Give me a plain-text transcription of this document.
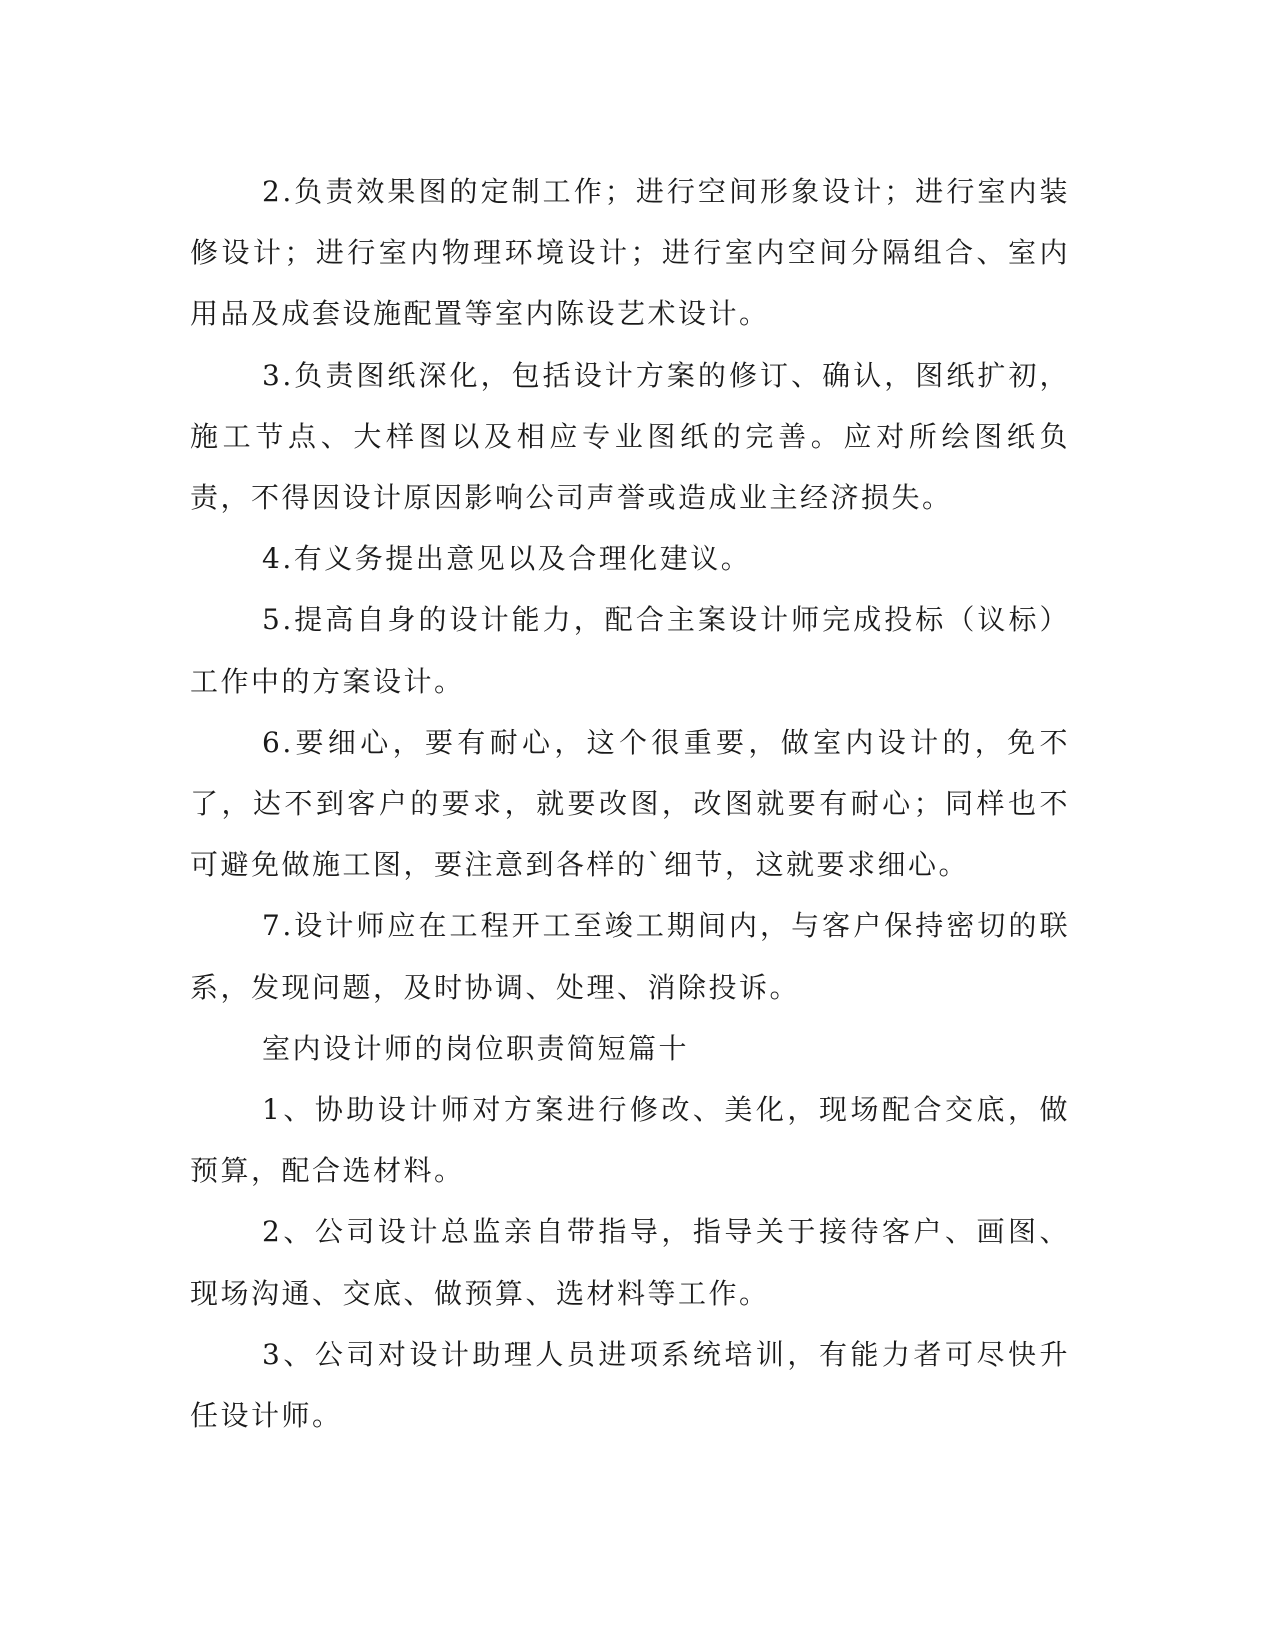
2.负责效果图的定制工作；进行空间形象设计；进行室内装修设计；进行室内物理环境设计；进行室内空间分隔组合、室内用品及成套设施配置等室内陈设艺术设计。

3.负责图纸深化，包括设计方案的修订、确认，图纸扩初，施工节点、大样图以及相应专业图纸的完善。应对所绘图纸负责，不得因设计原因影响公司声誉或造成业主经济损失。

4.有义务提出意见以及合理化建议。

5.提高自身的设计能力，配合主案设计师完成投标（议标）工作中的方案设计。

6.要细心，要有耐心，这个很重要，做室内设计的，免不了，达不到客户的要求，就要改图，改图就要有耐心；同样也不可避免做施工图，要注意到各样的`细节，这就要求细心。

7.设计师应在工程开工至竣工期间内，与客户保持密切的联系，发现问题，及时协调、处理、消除投诉。

室内设计师的岗位职责简短篇十

1、协助设计师对方案进行修改、美化，现场配合交底，做预算，配合选材料。

2、公司设计总监亲自带指导，指导关于接待客户、画图、现场沟通、交底、做预算、选材料等工作。

3、公司对设计助理人员进项系统培训，有能力者可尽快升任设计师。
